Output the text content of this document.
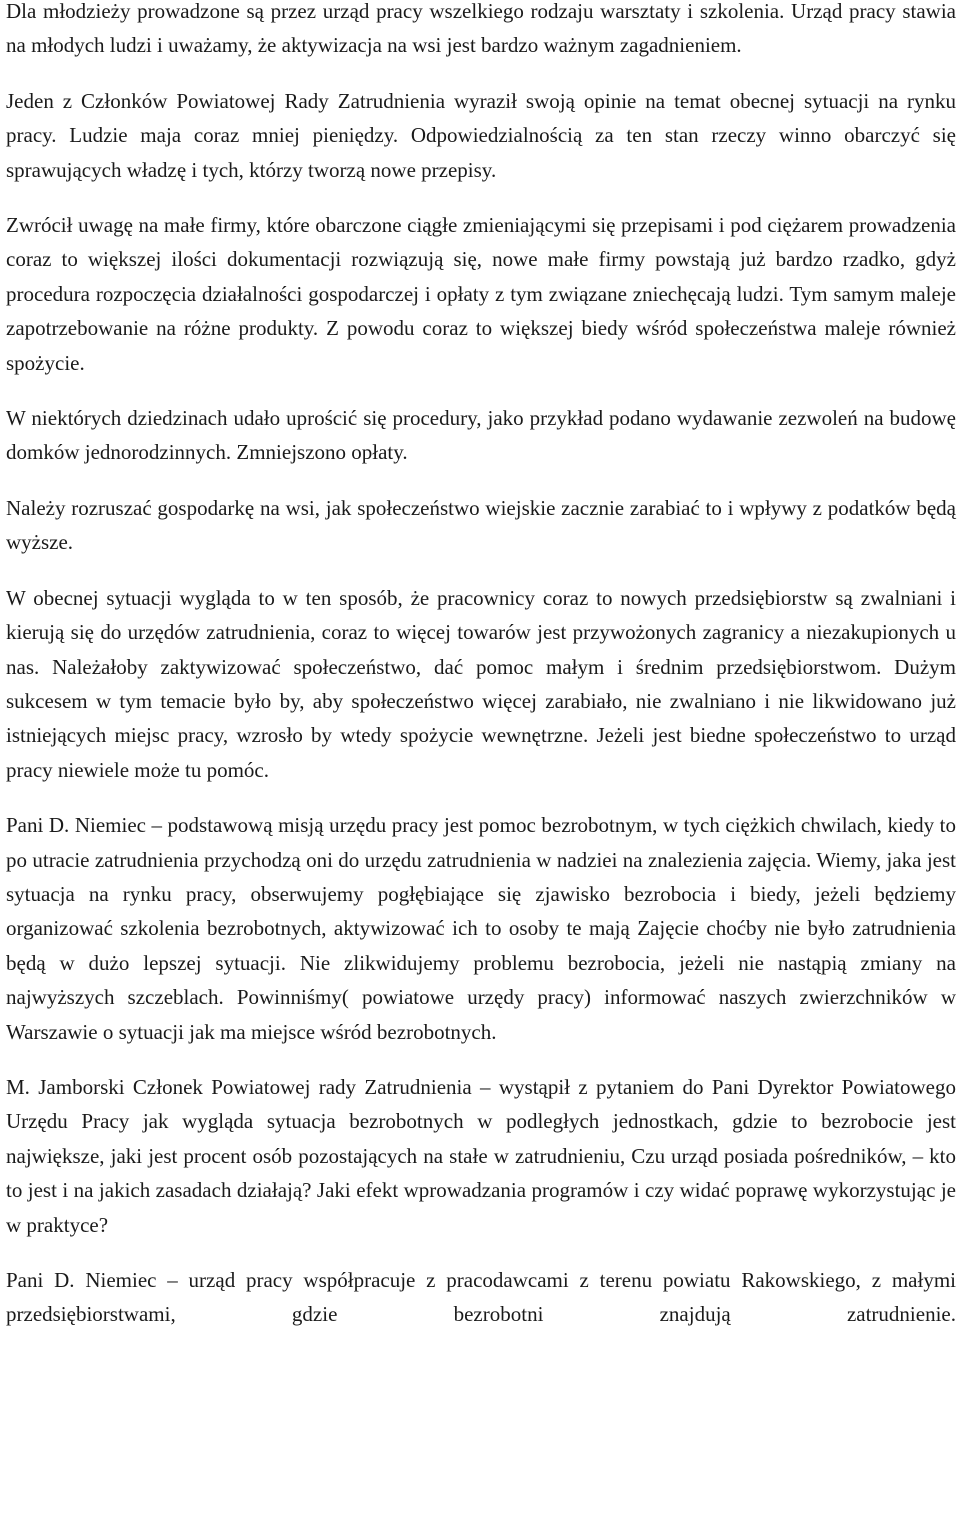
Dla młodzieży prowadzone są przez urząd pracy wszelkiego rodzaju warsztaty i szkolenia. Urząd pracy stawia na młodych ludzi i uważamy, że aktywizacja na wsi jest bardzo ważnym zagadnieniem.

Jeden z Członków Powiatowej Rady Zatrudnienia wyraził swoją opinie na temat obecnej sytuacji na rynku pracy. Ludzie maja coraz mniej pieniędzy. Odpowiedzialnością za ten stan rzeczy winno obarczyć się sprawujących władzę i tych, którzy tworzą nowe przepisy.

Zwrócił uwagę na małe firmy, które obarczone ciągłe zmieniającymi się przepisami i pod ciężarem prowadzenia coraz to większej ilości dokumentacji rozwiązują się, nowe małe firmy powstają już bardzo rzadko, gdyż procedura rozpoczęcia działalności gospodarczej i opłaty z tym związane zniechęcają ludzi. Tym samym maleje zapotrzebowanie na różne produkty. Z powodu coraz to większej biedy wśród społeczeństwa maleje również spożycie.

W niektórych dziedzinach udało uprościć się procedury, jako przykład podano wydawanie zezwoleń na budowę domków jednorodzinnych. Zmniejszono opłaty.

Należy rozruszać gospodarkę na wsi, jak społeczeństwo wiejskie zacznie zarabiać to i wpływy z podatków będą wyższe.

W obecnej sytuacji wygląda to w ten sposób, że pracownicy coraz to nowych przedsiębiorstw są zwalniani i kierują się do urzędów zatrudnienia, coraz to więcej towarów jest przywożonych zagranicy a niezakupionych u nas. Należałoby zaktywizować społeczeństwo, dać pomoc małym i średnim przedsiębiorstwom. Dużym sukcesem w tym temacie było by, aby społeczeństwo więcej zarabiało, nie zwalniano i nie likwidowano już istniejących miejsc pracy, wzrosło by wtedy spożycie wewnętrzne. Jeżeli jest biedne społeczeństwo to urząd pracy niewiele może tu pomóc.

Pani D. Niemiec – podstawową misją urzędu pracy jest pomoc bezrobotnym, w tych ciężkich chwilach, kiedy to po utracie zatrudnienia przychodzą oni do urzędu zatrudnienia w nadziei na znalezienia zajęcia. Wiemy, jaka jest sytuacja na rynku pracy, obserwujemy pogłębiające się zjawisko bezrobocia i biedy, jeżeli będziemy organizować szkolenia bezrobotnych, aktywizować ich to osoby te mają Zajęcie choćby nie było zatrudnienia będą w dużo lepszej sytuacji. Nie zlikwidujemy problemu bezrobocia, jeżeli nie nastąpią zmiany na najwyższych szczeblach. Powinniśmy( powiatowe urzędy pracy) informować naszych zwierzchników w Warszawie o sytuacji jak ma miejsce wśród bezrobotnych.

M. Jamborski Członek Powiatowej rady Zatrudnienia – wystąpił z pytaniem do Pani Dyrektor Powiatowego Urzędu Pracy jak wygląda sytuacja bezrobotnych w podległych jednostkach, gdzie to bezrobocie jest największe, jaki jest procent osób pozostających na stałe w zatrudnieniu, Czu urząd posiada pośredników, – kto to jest i na jakich zasadach działają? Jaki efekt wprowadzania programów i czy widać poprawę wykorzystując je w praktyce?

Pani D. Niemiec – urząd pracy współpracuje z pracodawcami z terenu powiatu Rakowskiego, z małymi przedsiębiorstwami, gdzie bezrobotni znajdują zatrudnienie.
